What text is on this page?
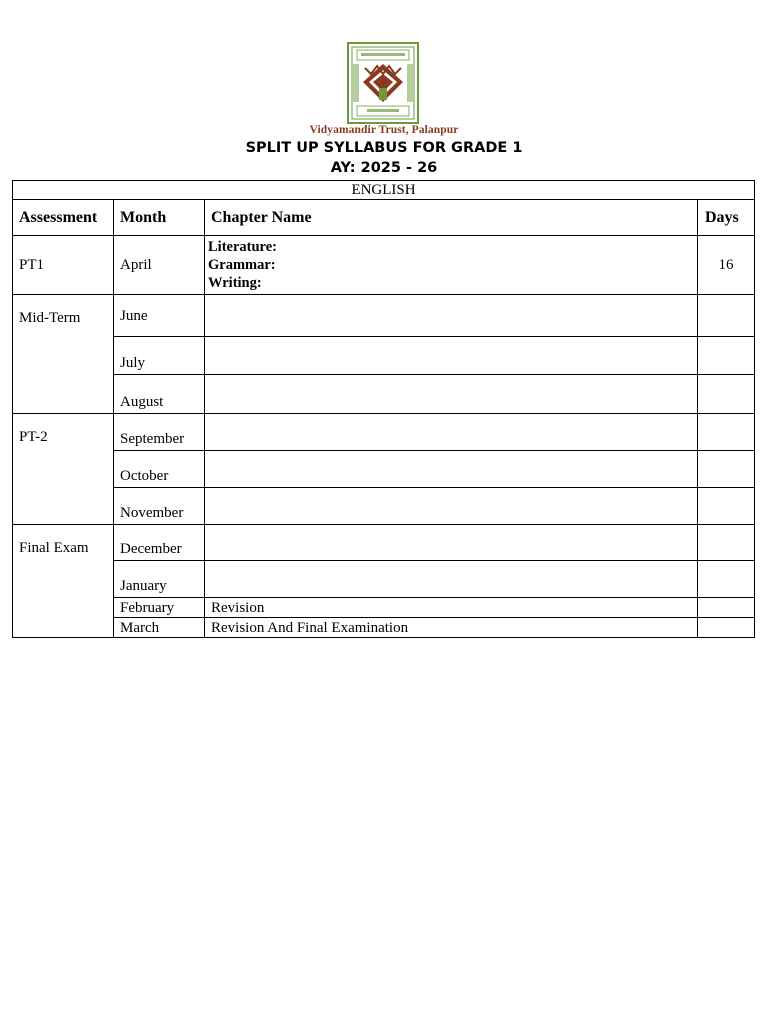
Vidyamandir Trust, Palanpur
SPLIT UP SYLLABUS FOR GRADE 1
AY: 2025 - 26
ENGLISH			
Assessment	Month	Chapter Name	Days
PT1	April	Literature:
Grammar:
Writing:	16
Mid-Term	June		
	July		
	August		
PT-2	September		
	October		
	November		
Final Exam	December		
	January		
	February	Revision	
	March	Revision And Final Examination	
